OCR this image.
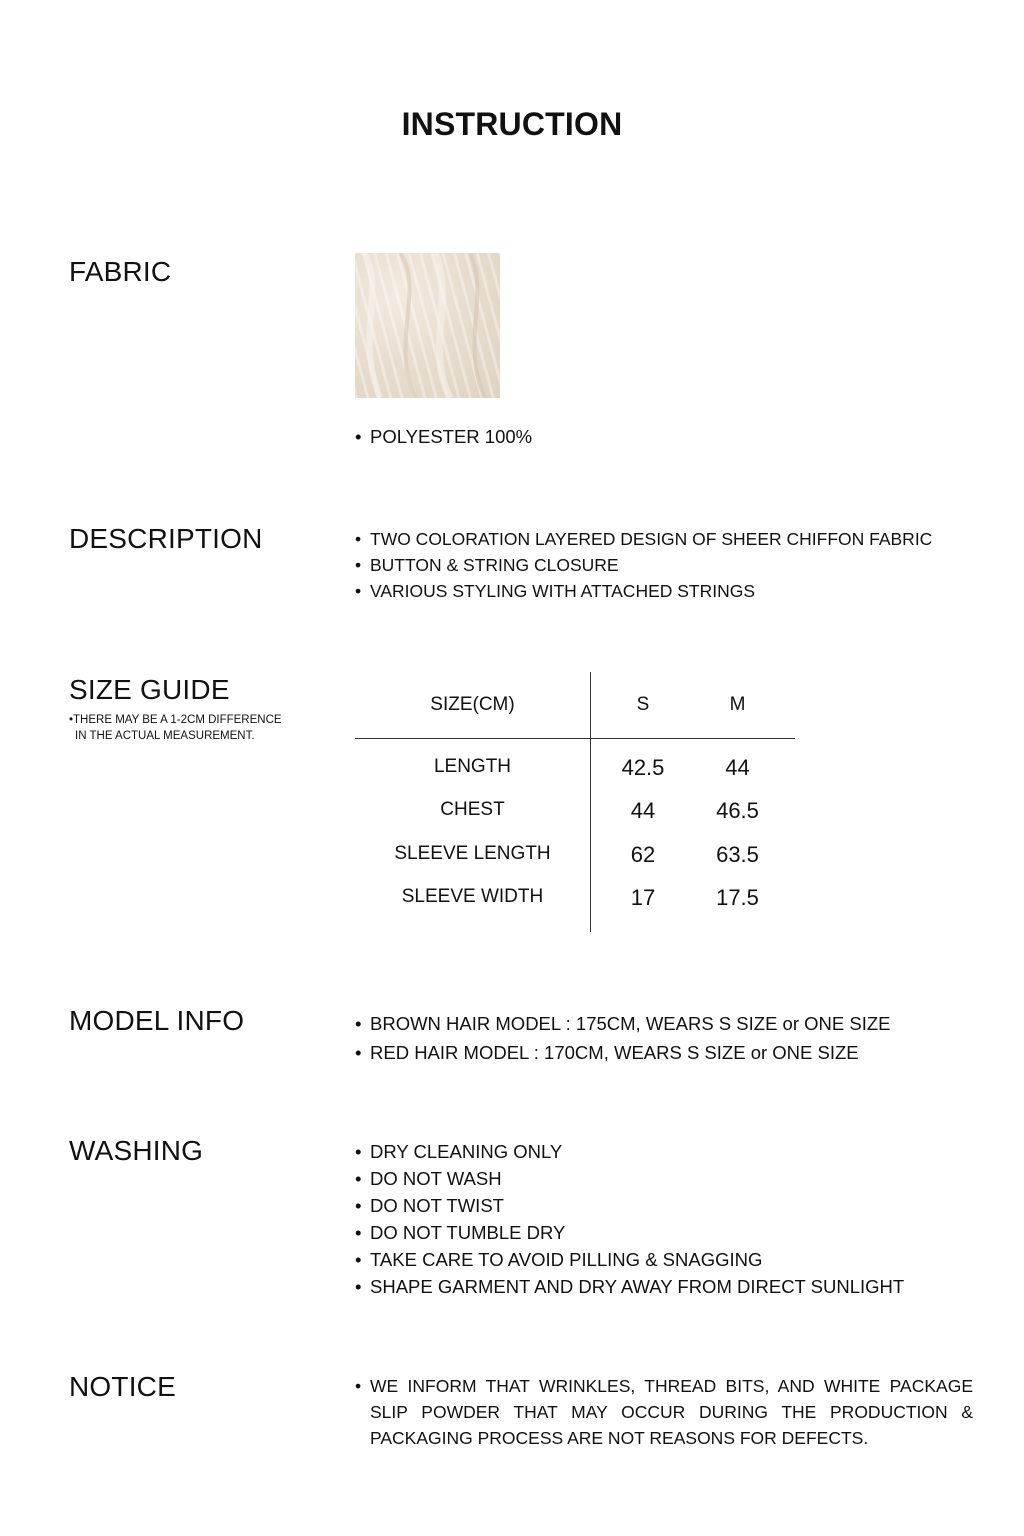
INSTRUCTION
FABRIC
• POLYESTER 100%
DESCRIPTION	• TWO COLORATION LAYERED DESIGN OF SHEER CHIFFON FABRIC
• BUTTON & STRING CLOSURE
• VARIOUS STYLING WITH ATTACHED STRINGS
SIZE GUIDE
•THERE MAY BE A 1-2CM DIFFERENCE
IN THE ACTUAL MEASUREMENT.
SIZE(CM)	S	M
LENGTH	42.5	44
CHEST	44	46.5
SLEEVE LENGTH	62	63.5
SLEEVE WIDTH	17	17.5
MODEL INFO	• BROWN HAIR MODEL : 175CM, WEARS S SIZE or ONE SIZE
• RED HAIR MODEL : 170CM, WEARS S SIZE or ONE SIZE
WASHING	• DRY CLEANING ONLY
• DO NOT WASH
• DO NOT TWIST
• DO NOT TUMBLE DRY
• TAKE CARE TO AVOID PILLING & SNAGGING
• SHAPE GARMENT AND DRY AWAY FROM DIRECT SUNLIGHT
NOTICE	• WE INFORM THAT WRINKLES, THREAD BITS, AND WHITE PACKAGE SLIP POWDER THAT MAY OCCUR DURING THE PRODUCTION & PACKAGING PROCESS ARE NOT REASONS FOR DEFECTS.
